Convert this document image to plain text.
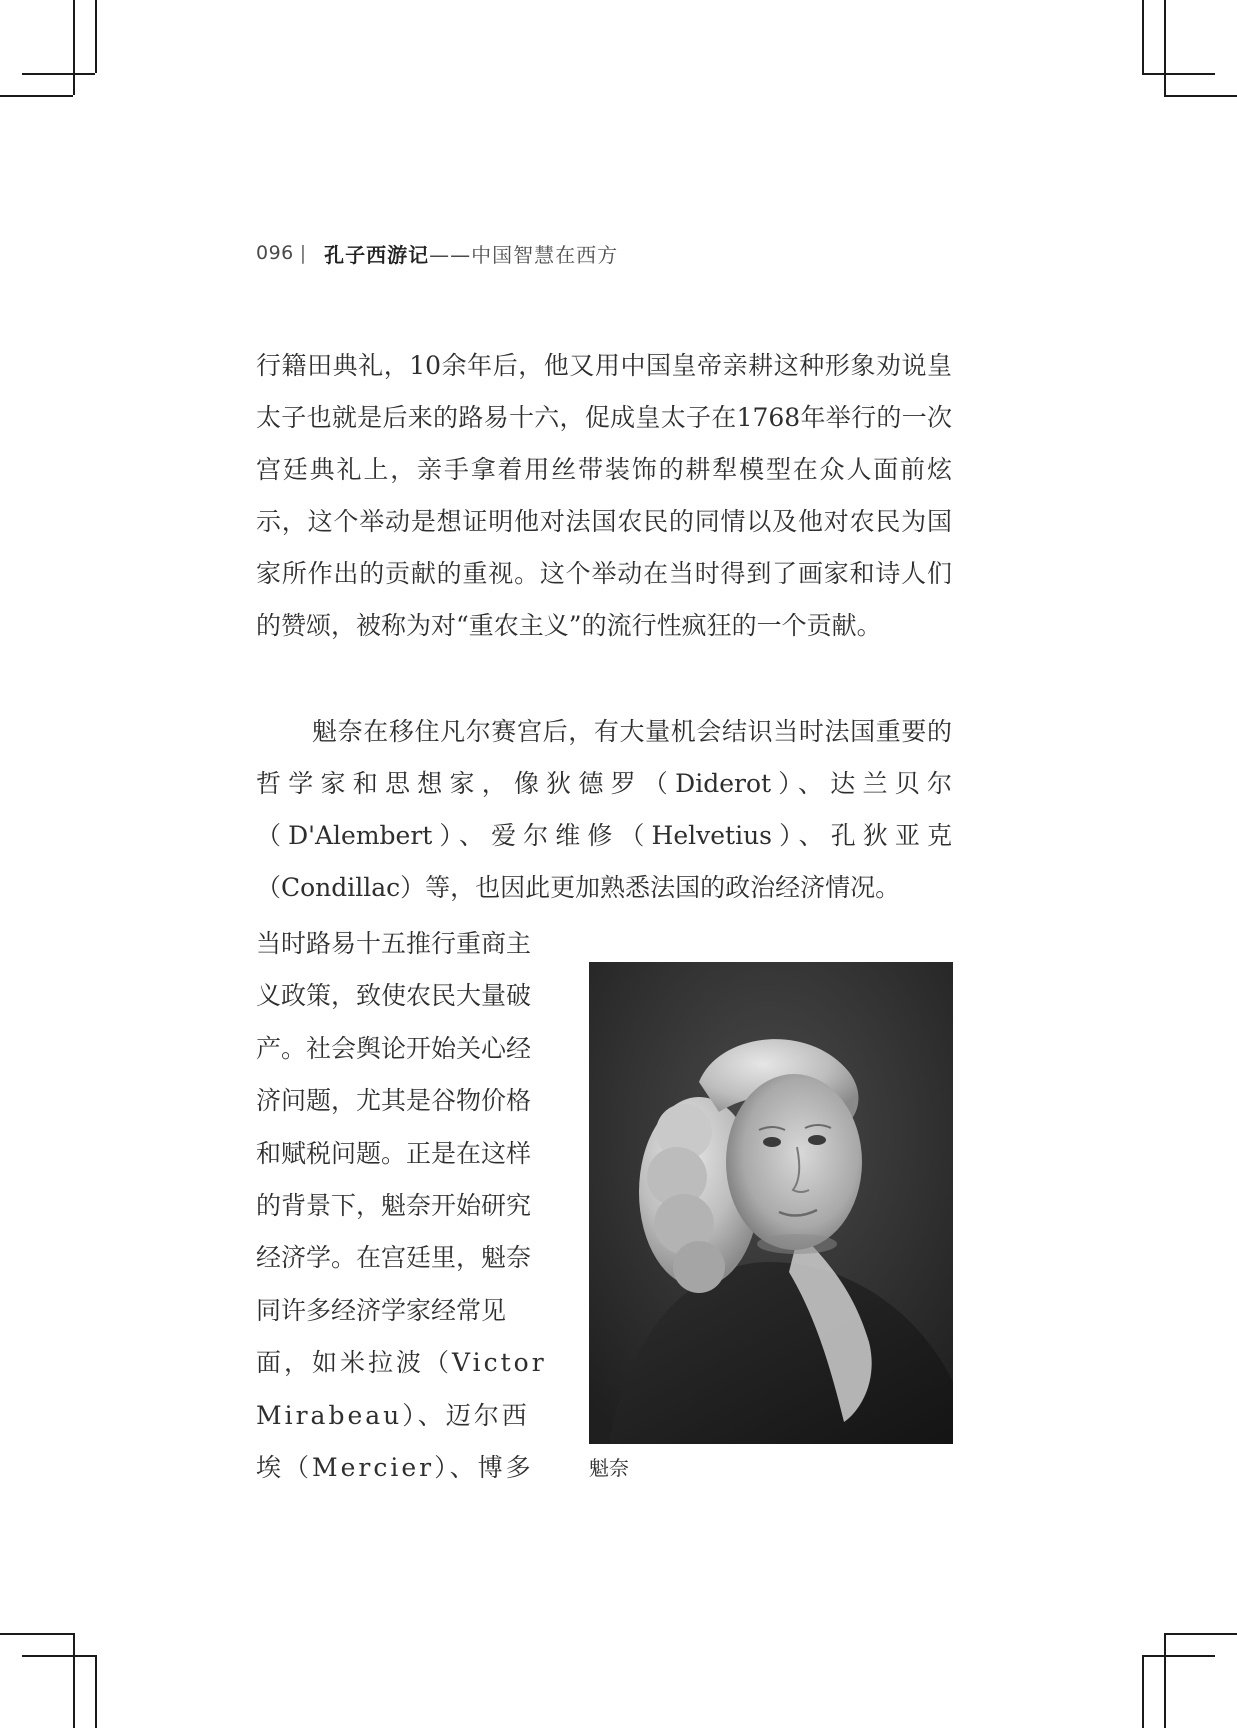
096 | 孔子西游记 ——中国智慧在西方
行籍田典礼，10余年后，他又用中国皇帝亲耕这种形象劝说皇太子也就是后来的路易十六，促成皇太子在1768年举行的一次宫廷典礼上，亲手拿着用丝带装饰的耕犁模型在众人面前炫示，这个举动是想证明他对法国农民的同情以及他对农民为国家所作出的贡献的重视。这个举动在当时得到了画家和诗人们的赞颂，被称为对“重农主义”的流行性疯狂的一个贡献。
魁奈在移住凡尔赛宫后，有大量机会结识当时法国重要的哲学家和思想家，像狄德罗（Diderot）、达兰贝尔（D'Alembert）、爱尔维修（Helvetius）、孔狄亚克（Condillac）等，也因此更加熟悉法国的政治经济情况。
当时路易十五推行重商主
义政策，致使农民大量破
产。社会舆论开始关心经
济问题，尤其是谷物价格
和赋税问题。正是在这样
的背景下，魁奈开始研究
经济学。在宫廷里，魁奈
同许多经济学家经常见
面，如米拉波（Victor
Mirabeau）、迈尔西
埃（Mercier）、博多	魁奈
